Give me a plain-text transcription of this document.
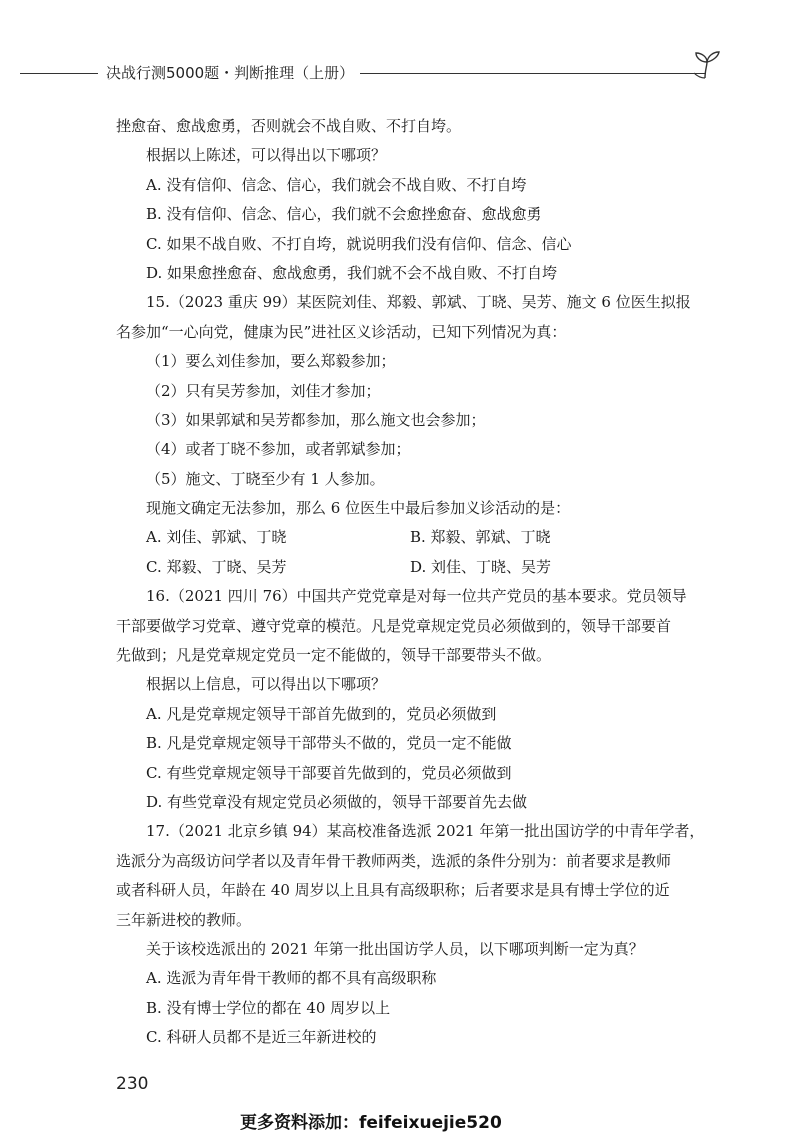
决战行测5000题・判断推理（上册）
挫愈奋、愈战愈勇，否则就会不战自败、不打自垮。
根据以上陈述，可以得出以下哪项？
A. 没有信仰、信念、信心，我们就会不战自败、不打自垮
B. 没有信仰、信念、信心，我们就不会愈挫愈奋、愈战愈勇
C. 如果不战自败、不打自垮，就说明我们没有信仰、信念、信心
D. 如果愈挫愈奋、愈战愈勇，我们就不会不战自败、不打自垮
15.（2023 重庆 99）某医院刘佳、郑毅、郭斌、丁晓、吴芳、施文 6 位医生拟报
名参加“一心向党，健康为民”进社区义诊活动，已知下列情况为真：
（1）要么刘佳参加，要么郑毅参加；
（2）只有吴芳参加，刘佳才参加；
（3）如果郭斌和吴芳都参加，那么施文也会参加；
（4）或者丁晓不参加，或者郭斌参加；
（5）施文、丁晓至少有 1 人参加。
现施文确定无法参加，那么 6 位医生中最后参加义诊活动的是：
A. 刘佳、郭斌、丁晓	B. 郑毅、郭斌、丁晓
C. 郑毅、丁晓、吴芳	D. 刘佳、丁晓、吴芳
16.（2021 四川 76）中国共产党党章是对每一位共产党员的基本要求。党员领导
干部要做学习党章、遵守党章的模范。凡是党章规定党员必须做到的，领导干部要首
先做到；凡是党章规定党员一定不能做的，领导干部要带头不做。
根据以上信息，可以得出以下哪项？
A. 凡是党章规定领导干部首先做到的，党员必须做到
B. 凡是党章规定领导干部带头不做的，党员一定不能做
C. 有些党章规定领导干部要首先做到的，党员必须做到
D. 有些党章没有规定党员必须做的，领导干部要首先去做
17.（2021 北京乡镇 94）某高校准备选派 2021 年第一批出国访学的中青年学者，
选派分为高级访问学者以及青年骨干教师两类，选派的条件分别为：前者要求是教师
或者科研人员，年龄在 40 周岁以上且具有高级职称；后者要求是具有博士学位的近
三年新进校的教师。
关于该校选派出的 2021 年第一批出国访学人员，以下哪项判断一定为真？
A. 选派为青年骨干教师的都不具有高级职称
B. 没有博士学位的都在 40 周岁以上
C. 科研人员都不是近三年新进校的
230
更多资料添加：feifeixuejie520
